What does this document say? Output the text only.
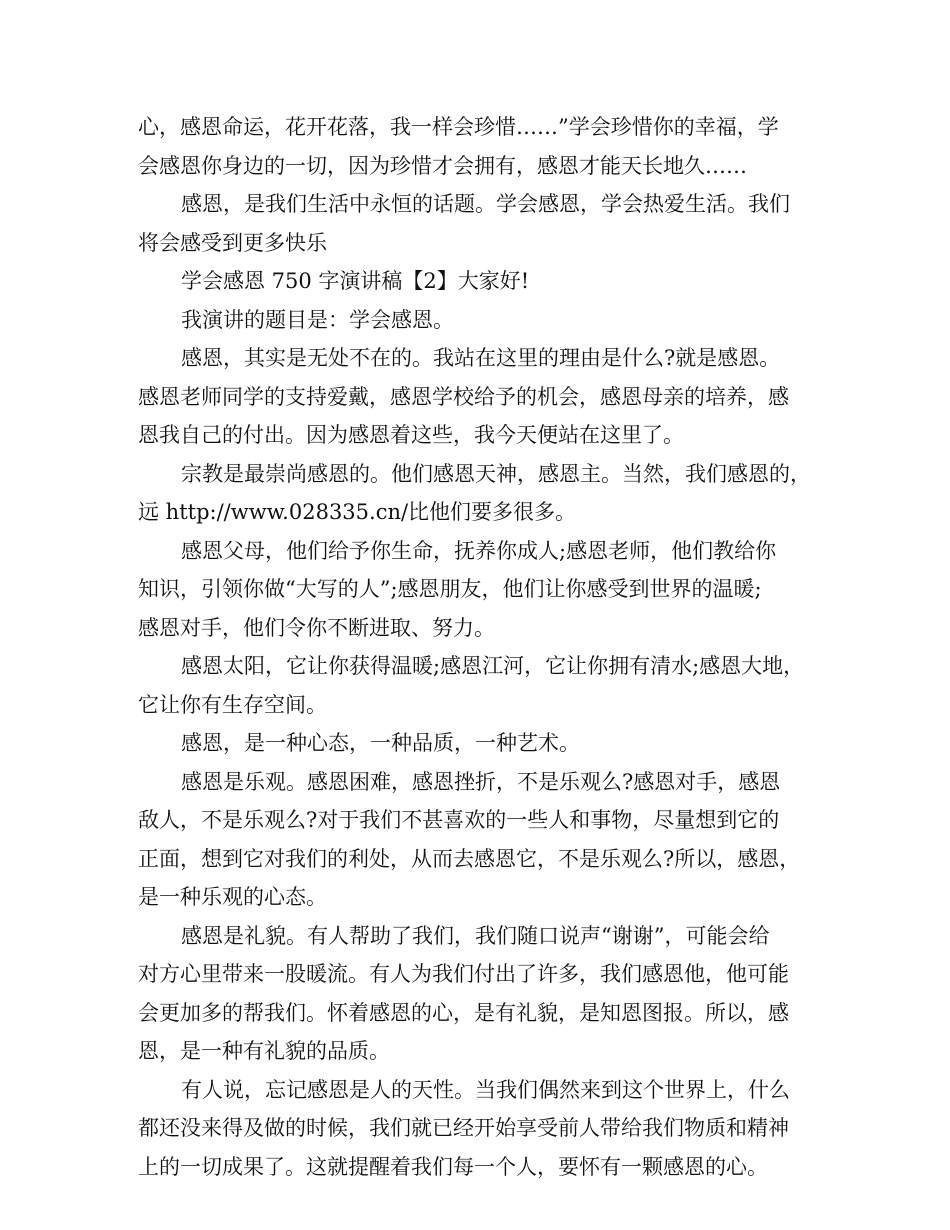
心，感恩命运，花开花落，我一样会珍惜……”学会珍惜你的幸福，学
会感恩你身边的一切，因为珍惜才会拥有，感恩才能天长地久……
感恩，是我们生活中永恒的话题。学会感恩，学会热爱生活。我们
将会感受到更多快乐
学会感恩 750 字演讲稿【2】大家好!
我演讲的题目是：学会感恩。
感恩，其实是无处不在的。我站在这里的理由是什么?就是感恩。
感恩老师同学的支持爱戴，感恩学校给予的机会，感恩母亲的培养，感
恩我自己的付出。因为感恩着这些，我今天便站在这里了。
宗教是最崇尚感恩的。他们感恩天神，感恩主。当然，我们感恩的，
远 http://www.028335.cn/比他们要多很多。
感恩父母，他们给予你生命，抚养你成人;感恩老师，他们教给你
知识，引领你做“大写的人”;感恩朋友，他们让你感受到世界的温暖;
感恩对手，他们令你不断进取、努力。
感恩太阳，它让你获得温暖;感恩江河，它让你拥有清水;感恩大地，
它让你有生存空间。
感恩，是一种心态，一种品质，一种艺术。
感恩是乐观。感恩困难，感恩挫折，不是乐观么?感恩对手，感恩
敌人，不是乐观么?对于我们不甚喜欢的一些人和事物，尽量想到它的
正面，想到它对我们的利处，从而去感恩它，不是乐观么?所以，感恩，
是一种乐观的心态。
感恩是礼貌。有人帮助了我们，我们随口说声“谢谢”，可能会给
对方心里带来一股暖流。有人为我们付出了许多，我们感恩他，他可能
会更加多的帮我们。怀着感恩的心，是有礼貌，是知恩图报。所以，感
恩，是一种有礼貌的品质。
有人说，忘记感恩是人的天性。当我们偶然来到这个世界上，什么
都还没来得及做的时候，我们就已经开始享受前人带给我们物质和精神
上的一切成果了。这就提醒着我们每一个人，要怀有一颗感恩的心。
